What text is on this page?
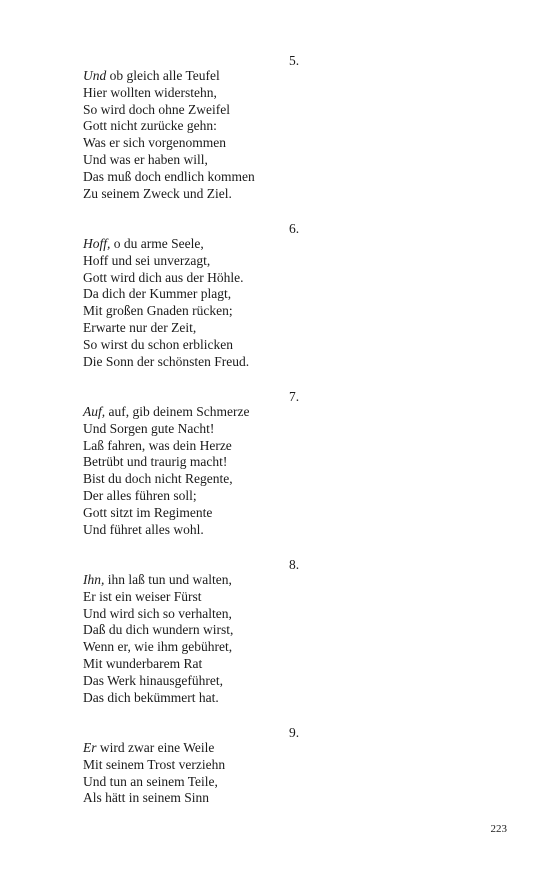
5.
Und ob gleich alle Teufel
Hier wollten widerstehn,
So wird doch ohne Zweifel
Gott nicht zurücke gehn:
Was er sich vorgenommen
Und was er haben will,
Das muß doch endlich kommen
Zu seinem Zweck und Ziel.
6.
Hoff, o du arme Seele,
Hoff und sei unverzagt,
Gott wird dich aus der Höhle.
Da dich der Kummer plagt,
Mit großen Gnaden rücken;
Erwarte nur der Zeit,
So wirst du schon erblicken
Die Sonn der schönsten Freud.
7.
Auf, auf, gib deinem Schmerze
Und Sorgen gute Nacht!
Laß fahren, was dein Herze
Betrübt und traurig macht!
Bist du doch nicht Regente,
Der alles führen soll;
Gott sitzt im Regimente
Und führet alles wohl.
8.
Ihn, ihn laß tun und walten,
Er ist ein weiser Fürst
Und wird sich so verhalten,
Daß du dich wundern wirst,
Wenn er, wie ihm gebühret,
Mit wunderbarem Rat
Das Werk hinausgeführet,
Das dich bekümmert hat.
9.
Er wird zwar eine Weile
Mit seinem Trost verziehn
Und tun an seinem Teile,
Als hätt in seinem Sinn
223
